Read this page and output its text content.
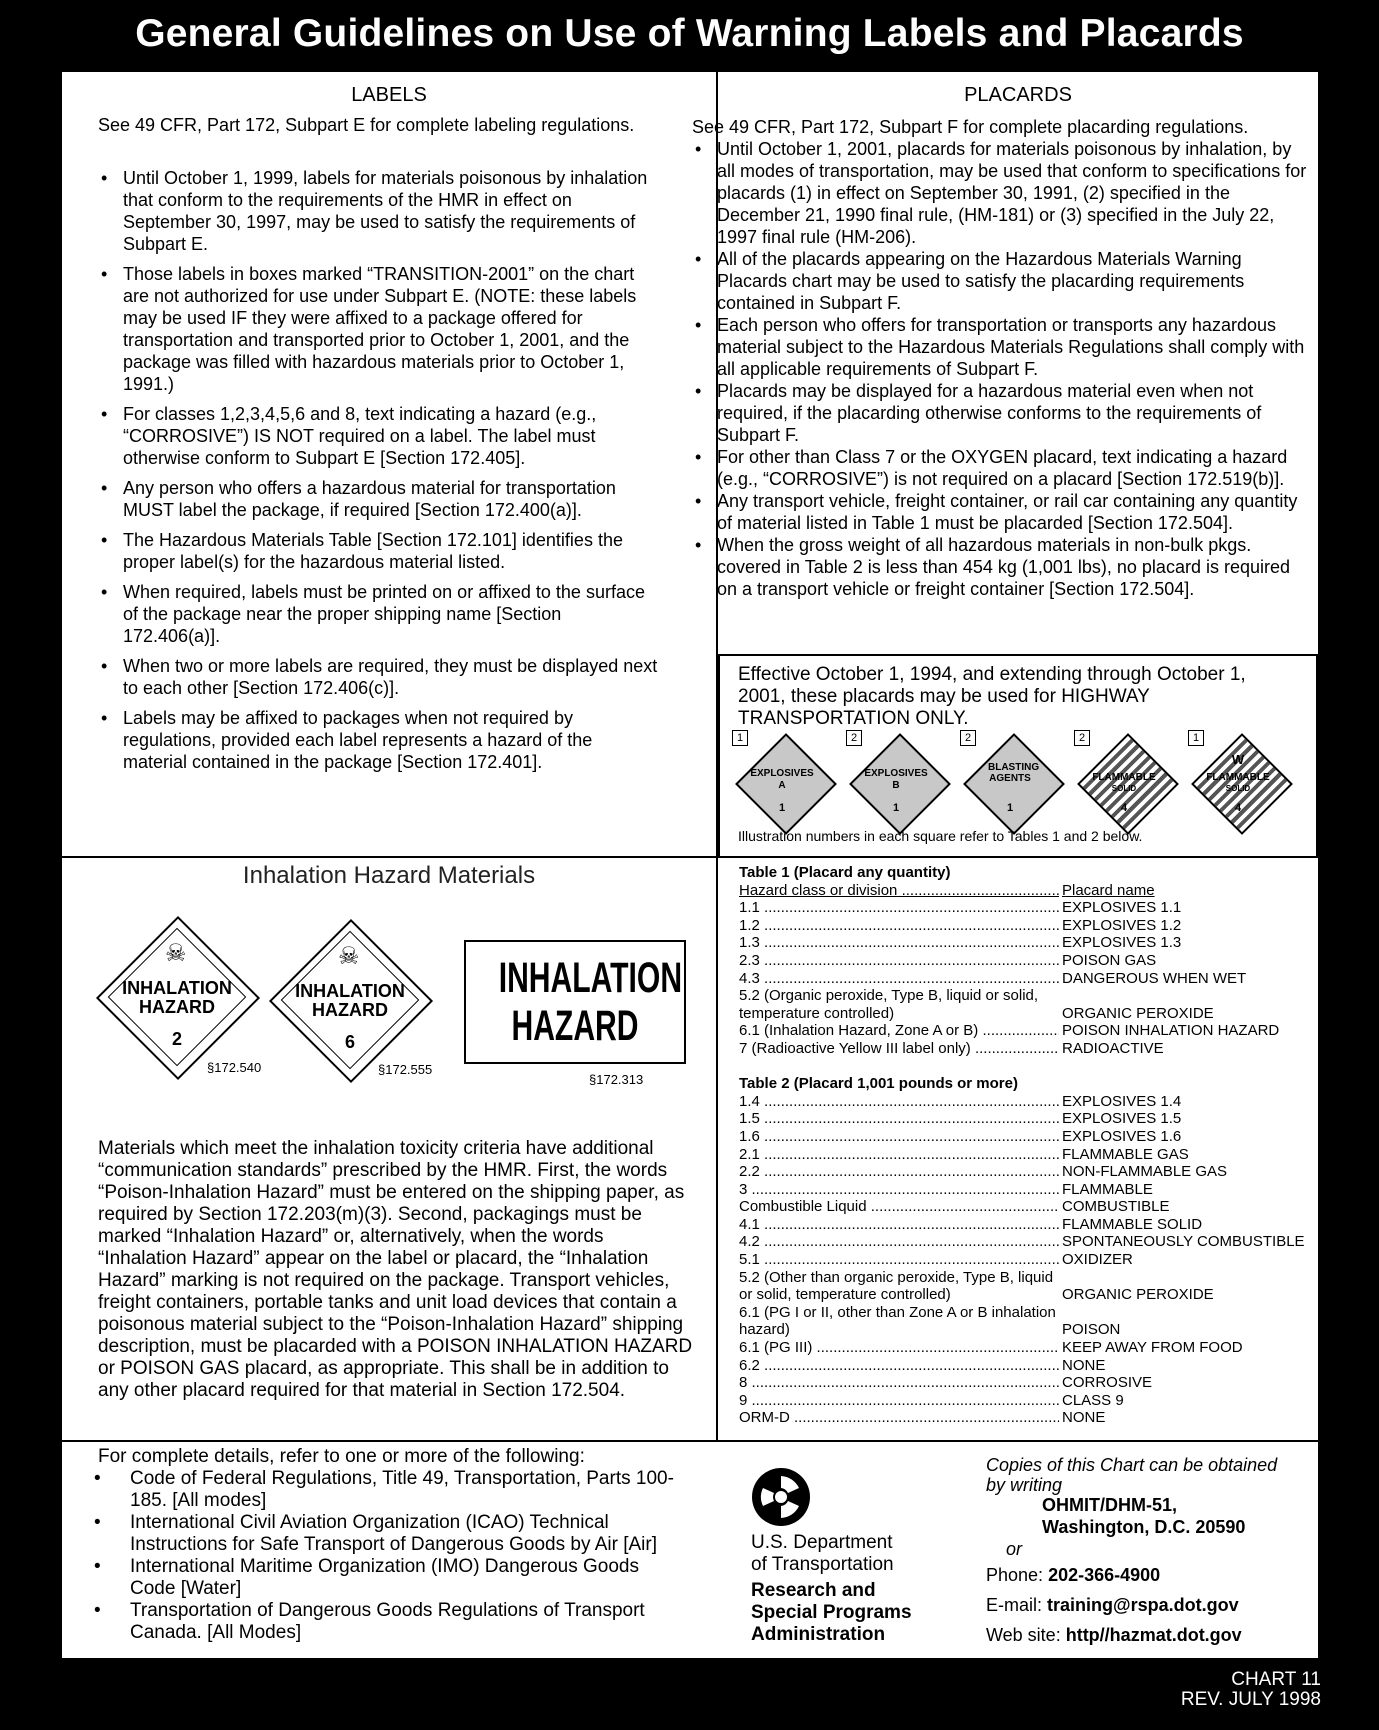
General Guidelines on Use of Warning Labels and Placards
LABELS
See 49 CFR, Part 172, Subpart E for complete labeling regulations.
• Until October 1, 1999, labels for materials poisonous by inhalation that conform to the requirements of the HMR in effect on September 30, 1997, may be used to satisfy the requirements of Subpart E.
• Those labels in boxes marked “TRANSITION-2001” on the chart are not authorized for use under Subpart E. (NOTE: these labels may be used IF they were affixed to a package offered for transportation and transported prior to October 1, 2001, and the package was filled with hazardous materials prior to October 1, 1991.)
• For classes 1,2,3,4,5,6 and 8, text indicating a hazard (e.g., “CORROSIVE”) IS NOT required on a label. The label must otherwise conform to Subpart E [Section 172.405].
• Any person who offers a hazardous material for transportation MUST label the package, if required [Section 172.400(a)].
• The Hazardous Materials Table [Section 172.101] identifies the proper label(s) for the hazardous material listed.
• When required, labels must be printed on or affixed to the surface of the package near the proper shipping name [Section 172.406(a)].
• When two or more labels are required, they must be displayed next to each other [Section 172.406(c)].
• Labels may be affixed to packages when not required by regulations, provided each label represents a hazard of the material contained in the package [Section 172.401].
PLACARDS
See 49 CFR, Part 172, Subpart F for complete placarding regulations.
• Until October 1, 2001, placards for materials poisonous by inhalation, by all modes of transportation, may be used that conform to specifications for placards (1) in effect on September 30, 1991, (2) specified in the December 21, 1990 final rule, (HM-181) or (3) specified in the July 22, 1997 final rule (HM-206).
• All of the placards appearing on the Hazardous Materials Warning Placards chart may be used to satisfy the placarding requirements contained in Subpart F.
• Each person who offers for transportation or transports any hazardous material subject to the Hazardous Materials Regulations shall comply with all applicable requirements of Subpart F.
• Placards may be displayed for a hazardous material even when not required, if the placarding otherwise conforms to the requirements of Subpart F.
• For other than Class 7 or the OXYGEN placard, text indicating a hazard (e.g., “CORROSIVE”) is not required on a placard [Section 172.519(b)].
• Any transport vehicle, freight container, or rail car containing any quantity of material listed in Table 1 must be placarded [Section 172.504].
• When the gross weight of all hazardous materials in non-bulk pkgs. covered in Table 2 is less than 454 kg (1,001 lbs), no placard is required on a transport vehicle or freight container [Section 172.504].
Effective October 1, 1994, and extending through October 1, 2001, these placards may be used for HIGHWAY TRANSPORTATION ONLY.
1
EXPLOSIVES
A
1
2
EXPLOSIVES
B
1
2
BLASTING AGENTS
1
2
FLAMMABLE
SOLID
4
1
W
FLAMMABLE
SOLID
4
Illustration numbers in each square refer to Tables 1 and 2 below.
Inhalation Hazard Materials
☠
INHALATION HAZARD
2
§172.540
☠
INHALATION HAZARD
6
§172.555
INHALATION
HAZARD
§172.313
Materials which meet the inhalation toxicity criteria have additional “communication standards” prescribed by the HMR. First, the words “Poison-Inhalation Hazard” must be entered on the shipping paper, as required by Section 172.203(m)(3). Second, packagings must be marked “Inhalation Hazard” or, alternatively, when the words “Inhalation Hazard” appear on the label or placard, the “Inhalation Hazard” marking is not required on the package. Transport vehicles, freight containers, portable tanks and unit load devices that contain a poisonous material subject to the “Poison-Inhalation Hazard” shipping description, must be placarded with a POISON INHALATION HAZARD or POISON GAS placard, as appropriate. This shall be in addition to any other placard required for that material in Section 172.504.
Table 1 (Placard any quantity)
Hazard class or division .....	Placard name
1.1 .....	EXPLOSIVES 1.1
1.2 .....	EXPLOSIVES 1.2
1.3 .....	EXPLOSIVES 1.3
2.3 .....	POISON GAS
4.3 .....	DANGEROUS WHEN WET
5.2 (Organic peroxide, Type B, liquid or solid, temperature controlled) .....	ORGANIC PEROXIDE
6.1 (Inhalation Hazard, Zone A or B) .....	POISON INHALATION HAZARD
7 (Radioactive Yellow III label only) .....	RADIOACTIVE
Table 2 (Placard 1,001 pounds or more)
1.4 .....	EXPLOSIVES 1.4
1.5 .....	EXPLOSIVES 1.5
1.6 .....	EXPLOSIVES 1.6
2.1 .....	FLAMMABLE GAS
2.2 .....	NON-FLAMMABLE GAS
3 .....	FLAMMABLE
Combustible Liquid .....	COMBUSTIBLE
4.1 .....	FLAMMABLE SOLID
4.2 .....	SPONTANEOUSLY COMBUSTIBLE
5.1 .....	OXIDIZER
5.2 (Other than organic peroxide, Type B, liquid or solid, temperature controlled) .....	ORGANIC PEROXIDE
6.1 (PG I or II, other than Zone A or B inhalation hazard) .....	POISON
6.1 (PG III) .....	KEEP AWAY FROM FOOD
6.2 .....	NONE
8 .....	CORROSIVE
9 .....	CLASS 9
ORM-D .....	NONE
For complete details, refer to one or more of the following:
• Code of Federal Regulations, Title 49, Transportation, Parts 100-185. [All modes]
• International Civil Aviation Organization (ICAO) Technical Instructions for Safe Transport of Dangerous Goods by Air [Air]
• International Maritime Organization (IMO) Dangerous Goods Code [Water]
• Transportation of Dangerous Goods Regulations of Transport Canada. [All Modes]
U.S. Department
of Transportation
Research and
Special Programs
Administration
Copies of this Chart can be obtained
by writing
OHMIT/DHM-51,
Washington, D.C. 20590
or
Phone: 202-366-4900
E-mail: training@rspa.dot.gov
Web site: http//hazmat.dot.gov
CHART 11
REV. JULY 1998
